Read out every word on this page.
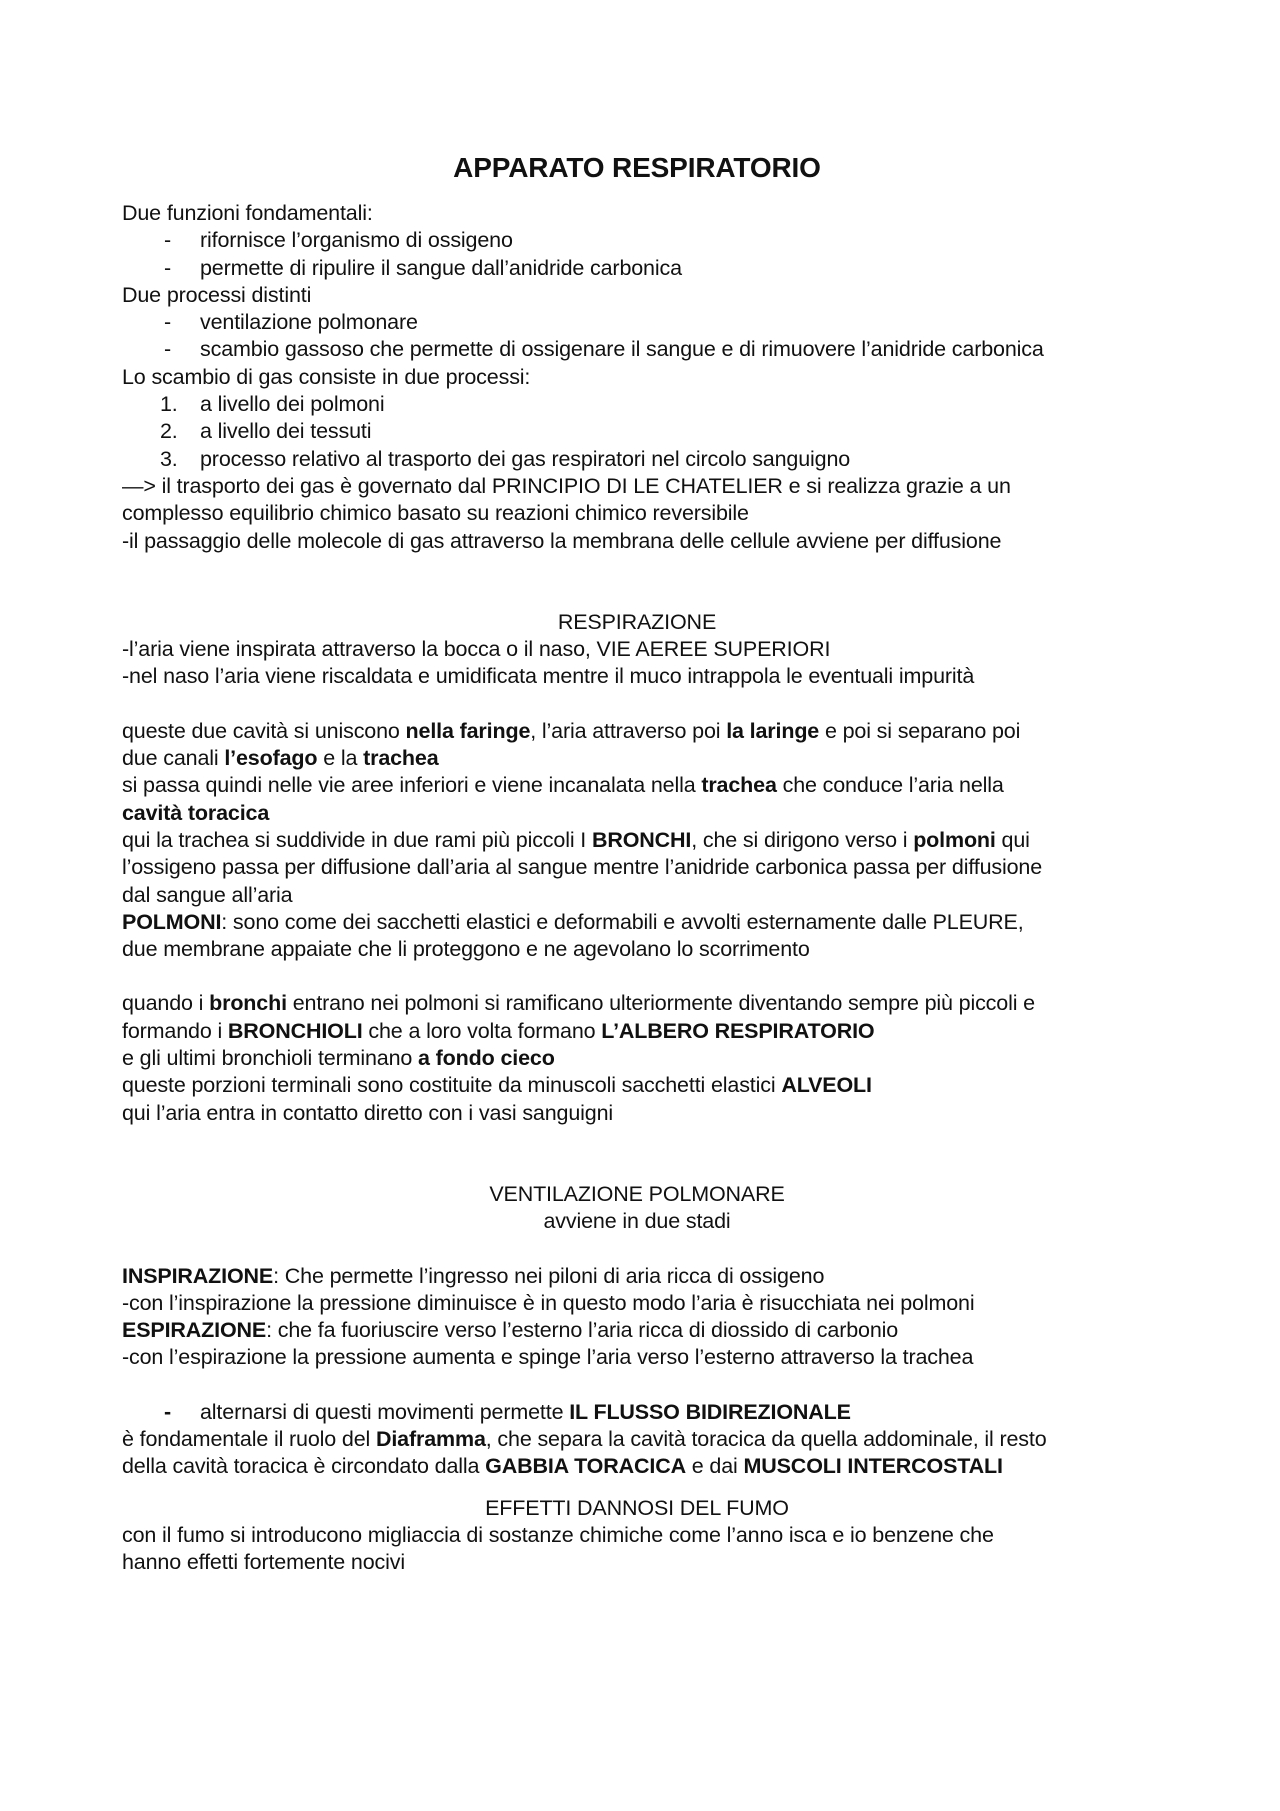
APPARATO RESPIRATORIO

Due funzioni fondamentali:

- rifornisce l’organismo di ossigeno
- permette di ripulire il sangue dall’anidride carbonica

Due processi distinti

- ventilazione polmonare
- scambio gassoso che permette di ossigenare il sangue e di rimuovere l’anidride carbonica

Lo scambio di gas consiste in due processi:

1. a livello dei polmoni
2. a livello dei tessuti
3. processo relativo al trasporto dei gas respiratori nel circolo sanguigno

—> il trasporto dei gas è governato dal PRINCIPIO DI LE CHATELIER e si realizza grazie a un

complesso equilibrio chimico basato su reazioni chimico reversibile

-il passaggio delle molecole di gas attraverso la membrana delle cellule avviene per diffusione

RESPIRAZIONE

-l’aria viene inspirata attraverso la bocca o il naso, VIE AEREE SUPERIORI

-nel naso l’aria viene riscaldata e umidificata mentre il muco intrappola le eventuali impurità

queste due cavità si uniscono nella faringe, l’aria attraverso poi la laringe e poi si separano poi

due canali l’esofago e la trachea

si passa quindi nelle vie aree inferiori e viene incanalata nella trachea che conduce l’aria nella

cavità toracica

qui la trachea si suddivide in due rami più piccoli I BRONCHI, che si dirigono verso i polmoni qui

l’ossigeno passa per diffusione dall’aria al sangue mentre l’anidride carbonica passa per diffusione

dal sangue all’aria

POLMONI: sono come dei sacchetti elastici e deformabili e avvolti esternamente dalle PLEURE,

due membrane appaiate che li proteggono e ne agevolano lo scorrimento

quando i bronchi entrano nei polmoni si ramificano ulteriormente diventando sempre più piccoli e

formando i BRONCHIOLI che a loro volta formano L’ALBERO RESPIRATORIO

e gli ultimi bronchioli terminano a fondo cieco

queste porzioni terminali sono costituite da minuscoli sacchetti elastici ALVEOLI

qui l’aria entra in contatto diretto con i vasi sanguigni

VENTILAZIONE POLMONARE

avviene in due stadi

INSPIRAZIONE: Che permette l’ingresso nei piloni di aria ricca di ossigeno

-con l’inspirazione la pressione diminuisce è in questo modo l’aria è risucchiata nei polmoni

ESPIRAZIONE: che fa fuoriuscire verso l’esterno l’aria ricca di diossido di carbonio

-con l’espirazione la pressione aumenta e spinge l’aria verso l’esterno attraverso la trachea

- alternarsi di questi movimenti permette IL FLUSSO BIDIREZIONALE

è fondamentale il ruolo del Diaframma, che separa la cavità toracica da quella addominale, il resto

della cavità toracica è circondato dalla GABBIA TORACICA e dai MUSCOLI INTERCOSTALI

EFFETTI DANNOSI DEL FUMO

con il fumo si introducono migliaccia di sostanze chimiche come l’anno isca e io benzene che

hanno effetti fortemente nocivi
